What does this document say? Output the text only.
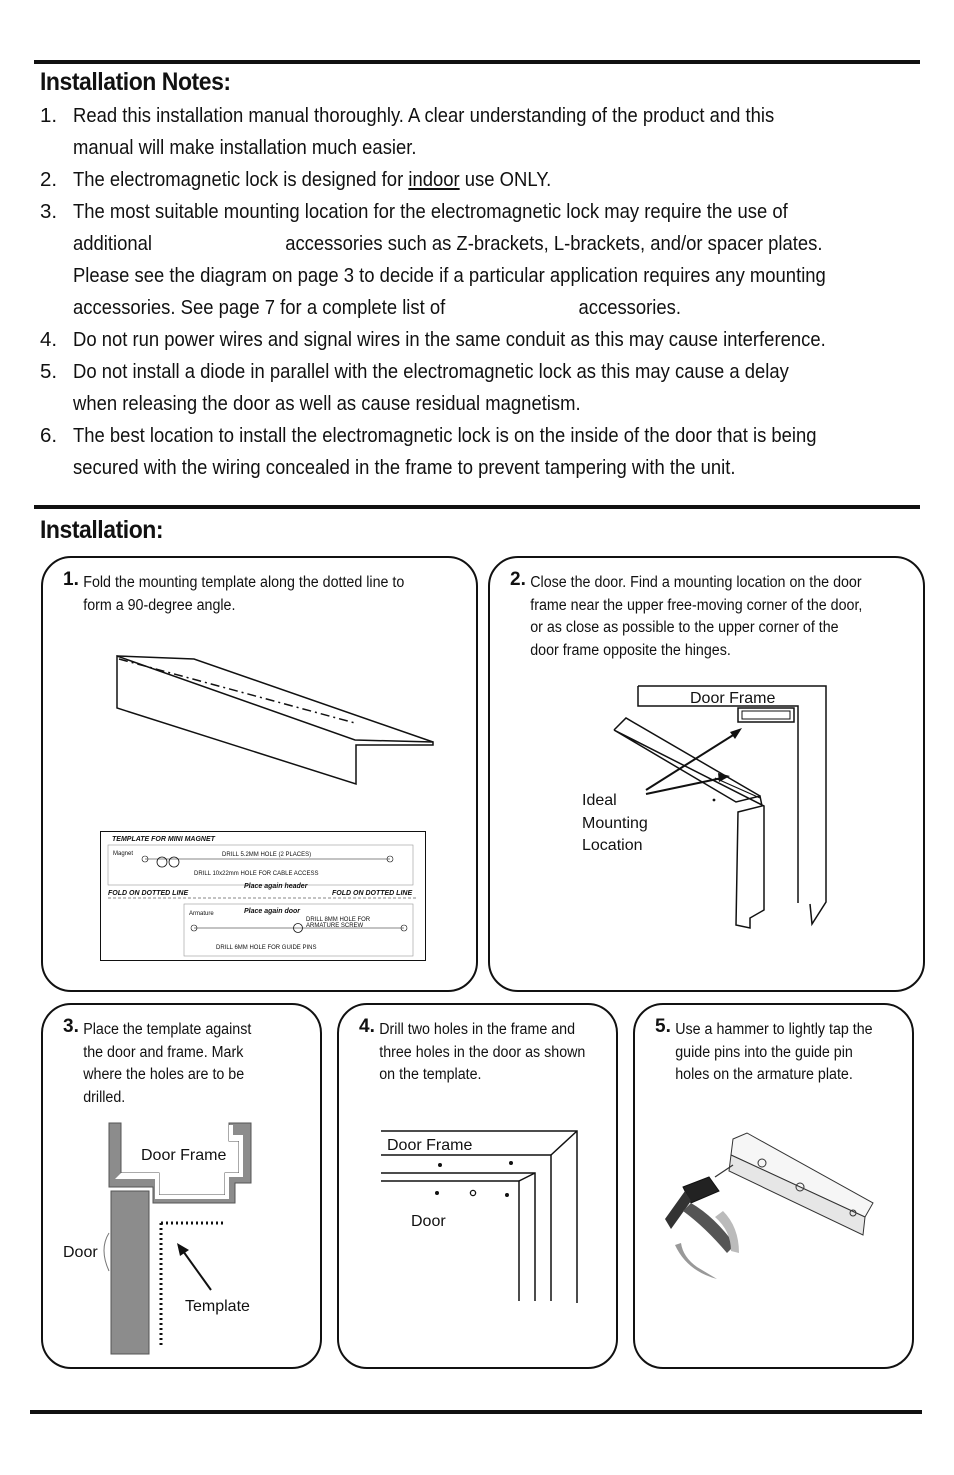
Installation Notes:
1. Read this installation manual thoroughly. A clear understanding of the product and this
manual will make installation much easier.
2. The electromagnetic lock is designed for indoor use ONLY.
3. The most suitable mounting location for the electromagnetic lock may require the use of
additional	accessories such as Z-brackets, L-brackets, and/or spacer plates.
Please see the diagram on page 3 to decide if a particular application requires any mounting
accessories. See page 7 for a complete list of	accessories.
4. Do not run power wires and signal wires in the same conduit as this may cause interference.
5. Do not install a diode in parallel with the electromagnetic lock as this may cause a delay
when releasing the door as well as cause residual magnetism.
6. The best location to install the electromagnetic lock is on the inside of the door that is being
secured with the wiring concealed in the frame to prevent tampering with the unit.
Installation:
1. Fold the mounting template along the dotted line to
form a 90-degree angle.
TEMPLATE FOR MINI MAGNET
Magnet	DRILL 5.2MM HOLE (2 PLACES)
DRILL 10x22mm HOLE FOR CABLE ACCESS
Place again header
FOLD ON DOTTED LINE	FOLD ON DOTTED LINE
Armature	Place again door
DRILL 8MM HOLE FOR
ARMATURE SCREW
DRILL 6MM HOLE FOR GUIDE PINS
2. Close the door. Find a mounting location on the door
frame near the upper free-moving corner of the door,
or as close as possible to the upper corner of the
door frame opposite the hinges.
Door Frame
Ideal
Mounting
Location
3. Place the template against
the door and frame. Mark
where the holes are to be
drilled.
Door Frame
Door
Template
4. Drill two holes in the frame and
three holes in the door as shown
on the template.
Door Frame
Door
5. Use a hammer to lightly tap the
guide pins into the guide pin
holes on the armature plate.
